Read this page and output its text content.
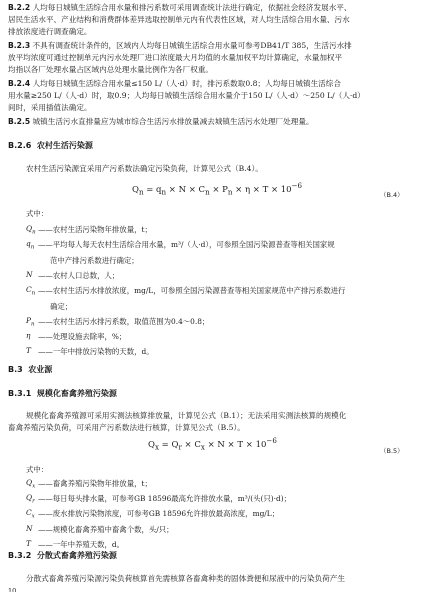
B.2.2 人均每日城镇生活综合用水量和排污系数可采用调查统计法进行确定，依据社会经济发展水平、
居民生活水平、产业结构和消费群体差异选取控制单元内有代表性区域，对人均生活综合用水量、污水
排放浓度进行调查确定。
B.2.3 不具有调查统计条件的，区域内人均每日城镇生活综合用水量可参考DB41/T 385，生活污水排
放平均浓度可通过控制单元内污水处理厂进口浓度最大月均值的水量加权平均计算确定，水量加权平
均指以各厂处理水量占区域内总处理水量比例作为各厂权重。
B.2.4 人均每日城镇生活综合用水量≤150 L/（人·d）时，排污系数取0.8；人均每日城镇生活综合
用水量≥250 L/（人·d）时，取0.9；人均每日城镇生活综合用水量介于150 L/（人·d）～250 L/（人·d）
间时，采用插值法确定。
B.2.5 城镇生活污水直排量应为城市综合生活污水排放量减去城镇生活污水处理厂处理量。
B.2.6 农村生活污染源
农村生活污染源宜采用产污系数法确定污染负荷，计算见公式（B.4）。
$Q_n = q_n \times N \times C_n \times P_n \times \eta \times T \times 10^{-6}$
（B.4）
式中：
$Q_n$ ——农村生活污染物年排放量，t；
$q_n$ ——平均每人每天农村生活综合用水量，m³/（人·d），可参照全国污染源普查等相关国家规
范中产排污系数进行确定；
N ——农村人口总数，人；
$C_n$ ——农村生活污水排放浓度，mg/L，可参照全国污染源普查等相关国家规范中产排污系数进行
确定；
$P_n$ ——农村生活污水排污系数，取值范围为0.4～0.8；
η ——处理设施去除率，%；
T ——一年中排放污染物的天数，d。
B.3 农业源
B.3.1 规模化畜禽养殖污染源
规模化畜禽养殖源可采用实测法核算排放量，计算见公式（B.1）；无法采用实测法核算的规模化
畜禽养殖污染负荷，可采用产污系数法进行核算，计算见公式（B.5）。
$Q_x = Q_r \times C_x \times N \times T \times 10^{-6}$
（B.5）
式中：
$Q_x$ ——畜禽养殖污染物年排放量，t；
$Q_r$ ——每日每头排水量，可参考GB 18596最高允许排放水量，m³/(头(只)·d)；
$C_x$ ——废水排放污染物浓度，可参考GB 18596允许排放最高浓度，mg/L；
N ——规模化畜禽养殖中畜禽个数，头/只；
T ——一年中养殖天数，d。
B.3.2 分散式畜禽养殖污染源
分散式畜禽养殖污染源污染负荷核算首先需核算各畜禽种类的固体粪便和尿液中的污染负荷产生
10
